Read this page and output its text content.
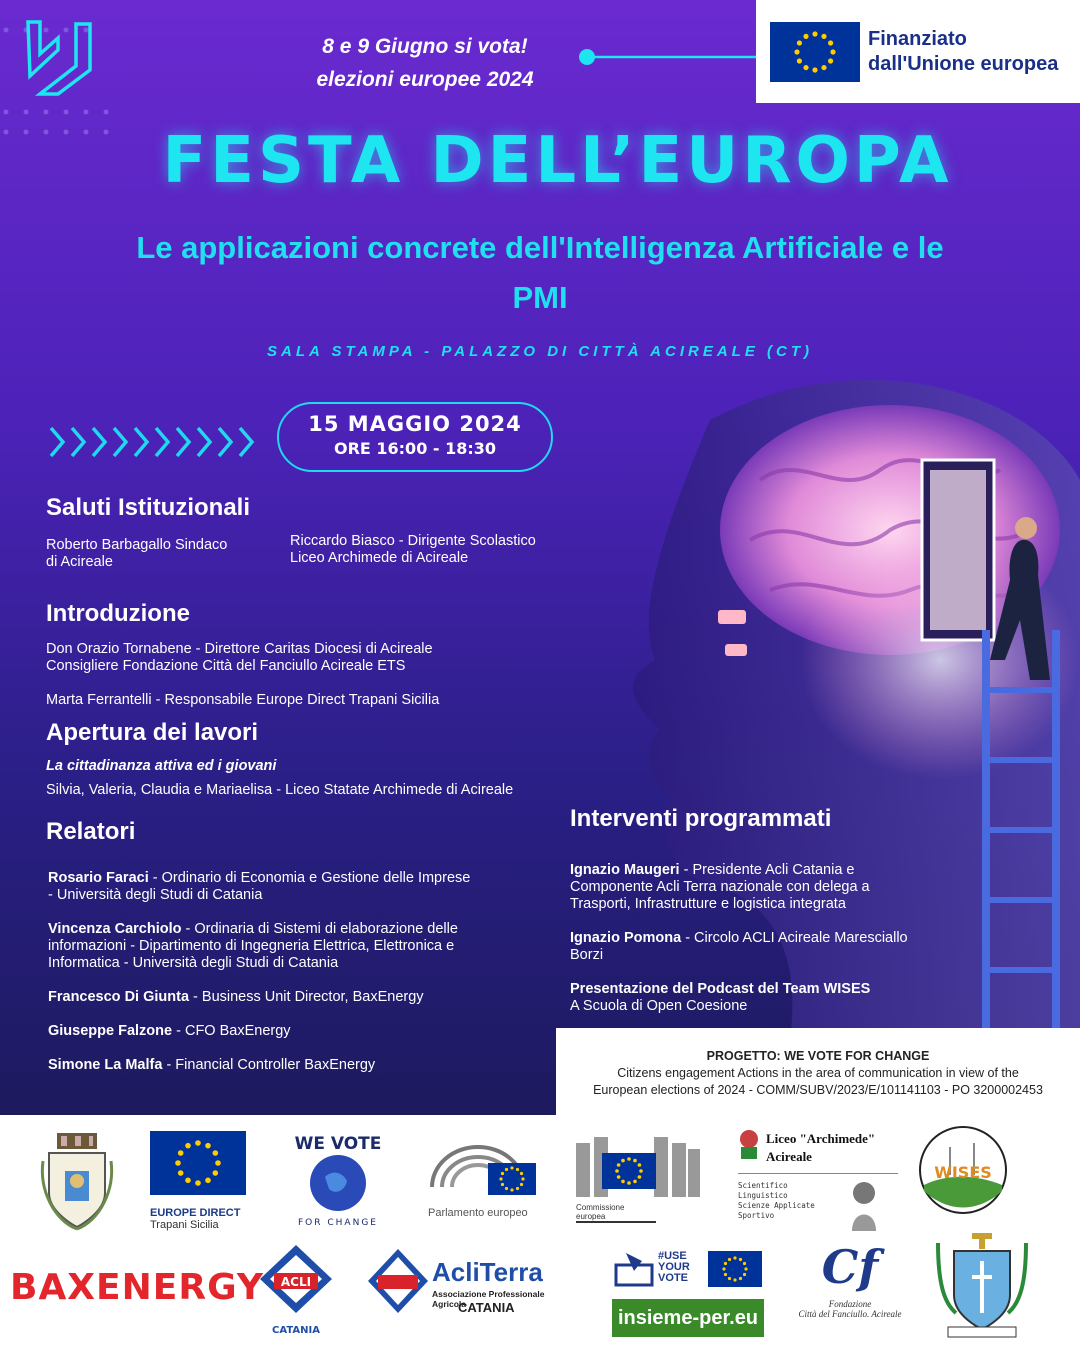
8 e 9 Giugno si vota!
elezioni europee 2024
Finanziato
dall'Unione europea
FESTA DELL’EUROPA
Le applicazioni concrete dell'Intelligenza Artificiale e le PMI
SALA STAMPA - PALAZZO DI CITTÀ ACIREALE (CT)
15 MAGGIO 2024
ORE 16:00 - 18:30
Saluti Istituzionali
Roberto Barbagallo Sindaco
di Acireale
Riccardo Biasco - Dirigente Scolastico
Liceo Archimede di Acireale
Introduzione
Don Orazio Tornabene - Direttore Caritas Diocesi di Acireale
Consigliere Fondazione Città del Fanciullo Acireale ETS
Marta Ferrantelli - Responsabile Europe Direct Trapani Sicilia
Apertura dei lavori
La cittadinanza attiva ed i giovani
Silvia, Valeria, Claudia e Mariaelisa - Liceo Statate Archimede di Acireale
Relatori
Rosario Faraci - Ordinario di Economia e Gestione delle Imprese
- Università degli Studi di Catania
Vincenza Carchiolo - Ordinaria di Sistemi di elaborazione delle
informazioni - Dipartimento di Ingegneria Elettrica, Elettronica e
Informatica - Università degli Studi di Catania
Francesco Di Giunta - Business Unit Director, BaxEnergy
Giuseppe Falzone - CFO BaxEnergy
Simone La Malfa - Financial Controller BaxEnergy
Interventi programmati
Ignazio Maugeri - Presidente Acli Catania e
Componente Acli Terra nazionale con delega a
Trasporti, Infrastrutture e logistica integrata
Ignazio Pomona - Circolo ACLI Acireale Maresciallo
Borzi
Presentazione del Podcast del Team WISES
A Scuola di Open Coesione
PROGETTO: WE VOTE FOR CHANGE
Citizens engagement Actions in the area of communication in view of the
European elections of 2024 - COMM/SUBV/2023/E/101141103 - PO 3200002453
EUROPE DIRECT
Trapani Sicilia
WE VOTE
FOR CHANGE
Parlamento europeo	Commissione
europea
Liceo "Archimede"
Acireale
Scientifico
Linguistico
Scienze Applicate
Sportivo
WISES
BAXENERGY ACLI
CATANIA
AcliTerra
Associazione Professionale Agricola
CATANIA
#USE
YOUR
VOTE
insieme-per.eu
Cf
Fondazione
Città del Fanciullo. Acireale
